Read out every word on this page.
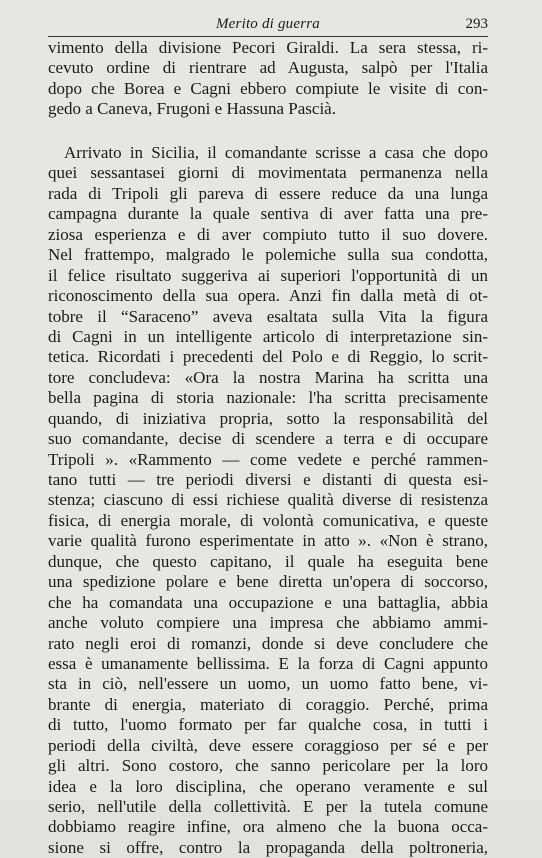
Merito di guerra	293
vimento della divisione Pecori Giraldi. La sera stessa, ri-
cevuto ordine di rientrare ad Augusta, salpò per l'Italia
dopo che Borea e Cagni ebbero compiute le visite di con-
gedo a Caneva, Frugoni e Hassuna Pascià.
Arrivato in Sicilia, il comandante scrisse a casa che dopo
quei sessantasei giorni di movimentata permanenza nella
rada di Tripoli gli pareva di essere reduce da una lunga
campagna durante la quale sentiva di aver fatta una pre-
ziosa esperienza e di aver compiuto tutto il suo dovere.
Nel frattempo, malgrado le polemiche sulla sua condotta,
il felice risultato suggeriva ai superiori l'opportunità di un
riconoscimento della sua opera. Anzi fin dalla metà di ot-
tobre il “Saraceno” aveva esaltata sulla Vita la figura
di Cagni in un intelligente articolo di interpretazione sin-
tetica. Ricordati i precedenti del Polo e di Reggio, lo scrit-
tore concludeva: «Ora la nostra Marina ha scritta una
bella pagina di storia nazionale: l'ha scritta precisamente
quando, di iniziativa propria, sotto la responsabilità del
suo comandante, decise di scendere a terra e di occupare
Tripoli ». «Rammento — come vedete e perché rammen-
tano tutti — tre periodi diversi e distanti di questa esi-
stenza; ciascuno di essi richiese qualità diverse di resistenza
fisica, di energia morale, di volontà comunicativa, e queste
varie qualità furono esperimentate in atto ». «Non è strano,
dunque, che questo capitano, il quale ha eseguita bene
una spedizione polare e bene diretta un'opera di soccorso,
che ha comandata una occupazione e una battaglia, abbia
anche voluto compiere una impresa che abbiamo ammi-
rato negli eroi di romanzi, donde si deve concludere che
essa è umanamente bellissima. E la forza di Cagni appunto
sta in ciò, nell'essere un uomo, un uomo fatto bene, vi-
brante di energia, materiato di coraggio. Perché, prima
di tutto, l'uomo formato per far qualche cosa, in tutti i
periodi della civiltà, deve essere coraggioso per sé e per
gli altri. Sono costoro, che sanno pericolare per la loro
idea e la loro disciplina, che operano veramente e sul
serio, nell'utile della collettività. E per la tutela comune
dobbiamo reagire infine, ora almeno che la buona occa-
sione si offre, contro la propaganda della poltroneria,
